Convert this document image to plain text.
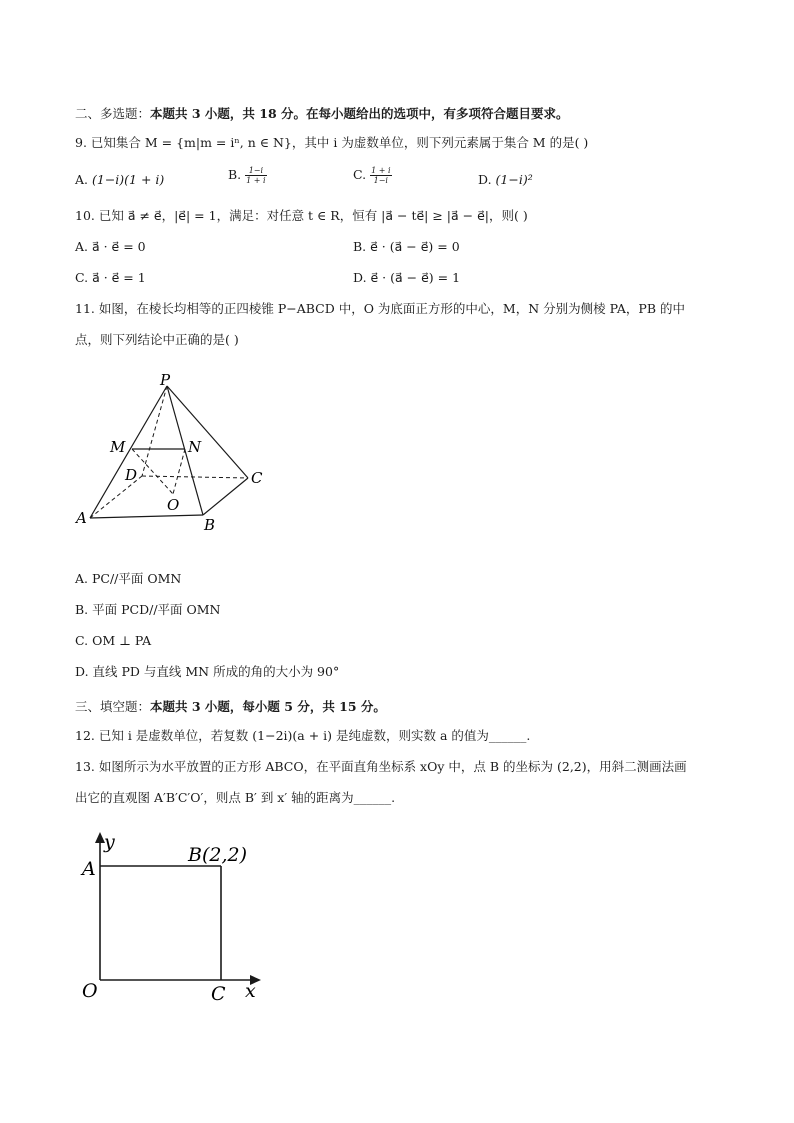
二、多选题：本题共 3 小题，共 18 分。在每小题给出的选项中，有多项符合题目要求。
9. 已知集合 M = {m|m = iⁿ, n ∈ N}，其中 i 为虚数单位，则下列元素属于集合 M 的是( )
A. (1−i)(1 + i)	B. $\frac{1-i}{1 + i}$	C. $\frac{1 + i}{1-i}$	D. (1−i)²
10. 已知 a⃗ ≠ e⃗，|e⃗| = 1，满足：对任意 t ∈ R，恒有 |a⃗ − te⃗| ≥ |a⃗ − e⃗|，则( )
A. a⃗ · e⃗ = 0	B. e⃗ · (a⃗ − e⃗) = 0
C. a⃗ · e⃗ = 1	D. e⃗ · (a⃗ − e⃗) = 1
11. 如图，在棱长均相等的正四棱锥 P−ABCD 中，O 为底面正方形的中心，M，N 分别为侧棱 PA，PB 的中
点，则下列结论中正确的是( )
P
M	N
D	C
O
A	B
A. PC//平面 OMN
B. 平面 PCD//平面 OMN
C. OM ⊥ PA
D. 直线 PD 与直线 MN 所成的角的大小为 90°
三、填空题：本题共 3 小题，每小题 5 分，共 15 分。
12. 已知 i 是虚数单位，若复数 (1−2i)(a + i) 是纯虚数，则实数 a 的值为______.
13. 如图所示为水平放置的正方形 ABCO，在平面直角坐标系 xOy 中，点 B 的坐标为 (2,2)，用斜二测画法画
出它的直观图 A′B′C′O′，则点 B′ 到 x′ 轴的距离为______.
y
A
B(2,2)
O	C x
